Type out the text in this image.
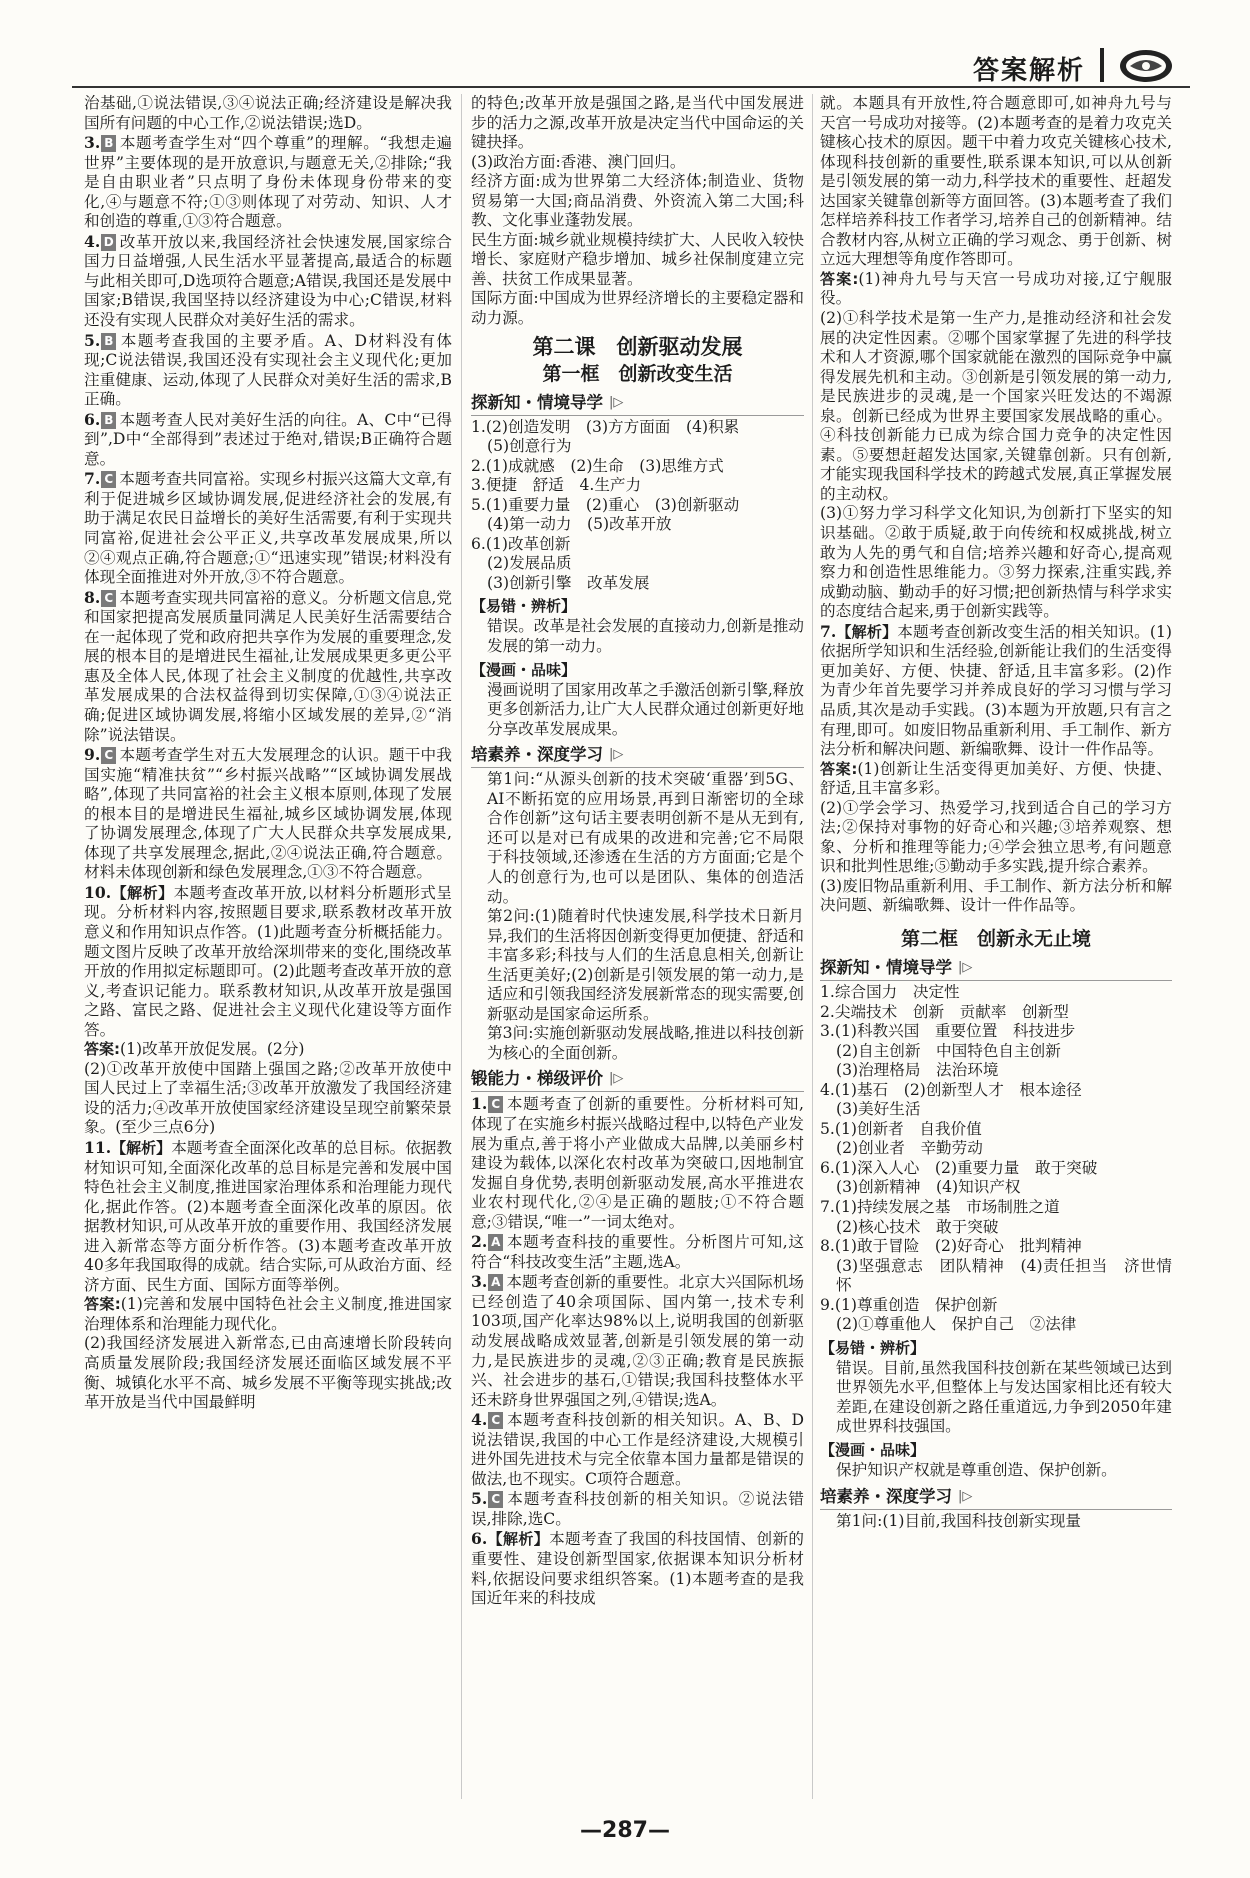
答案解析

治基础,①说法错误,③④说法正确;经济建设是解决我国所有问题的中心工作,②说法错误;选D。

3. B 本题考查学生对“四个尊重”的理解。“我想走遍世界”主要体现的是开放意识,与题意无关,②排除;“我是自由职业者”只点明了身份未体现身份带来的变化,④与题意不符;①③则体现了对劳动、知识、人才和创造的尊重,①③符合题意。

4. D 改革开放以来,我国经济社会快速发展,国家综合国力日益增强,人民生活水平显著提高,最适合的标题与此相关即可,D选项符合题意;A错误,我国还是发展中国家;B错误,我国坚持以经济建设为中心;C错误,材料还没有实现人民群众对美好生活的需求。

5. B 本题考查我国的主要矛盾。A、D材料没有体现;C说法错误,我国还没有实现社会主义现代化;更加注重健康、运动,体现了人民群众对美好生活的需求,B正确。

6. B 本题考查人民对美好生活的向往。A、C中“已得到”,D中“全部得到”表述过于绝对,错误;B正确符合题意。

7. C 本题考查共同富裕。实现乡村振兴这篇大文章,有利于促进城乡区域协调发展,促进经济社会的发展,有助于满足农民日益增长的美好生活需要,有利于实现共同富裕,促进社会公平正义,共享改革发展成果,所以②④观点正确,符合题意;①“迅速实现”错误;材料没有体现全面推进对外开放,③不符合题意。

8. C 本题考查实现共同富裕的意义。分析题文信息,党和国家把提高发展质量同满足人民美好生活需要结合在一起体现了党和政府把共享作为发展的重要理念,发展的根本目的是增进民生福祉,让发展成果更多更公平惠及全体人民,体现了社会主义制度的优越性,共享改革发展成果的合法权益得到切实保障,①③④说法正确;促进区域协调发展,将缩小区域发展的差异,②“消除”说法错误。

9. C 本题考查学生对五大发展理念的认识。题干中我国实施“精准扶贫”“乡村振兴战略”“区域协调发展战略”,体现了共同富裕的社会主义根本原则,体现了发展的根本目的是增进民生福祉,城乡区域协调发展,体现了协调发展理念,体现了广大人民群众共享发展成果,体现了共享发展理念,据此,②④说法正确,符合题意。材料未体现创新和绿色发展理念,①③不符合题意。

10.【解析】本题考查改革开放,以材料分析题形式呈现。分析材料内容,按照题目要求,联系教材改革开放意义和作用知识点作答。(1)此题考查分析概括能力。题文图片反映了改革开放给深圳带来的变化,围绕改革开放的作用拟定标题即可。(2)此题考查改革开放的意义,考查识记能力。联系教材知识,从改革开放是强国之路、富民之路、促进社会主义现代化建设等方面作答。

答案:(1)改革开放促发展。(2分)

(2)①改革开放使中国踏上强国之路;②改革开放使中国人民过上了幸福生活;③改革开放激发了我国经济建设的活力;④改革开放使国家经济建设呈现空前繁荣景象。(至少三点6分)

11.【解析】本题考查全面深化改革的总目标。依据教材知识可知,全面深化改革的总目标是完善和发展中国特色社会主义制度,推进国家治理体系和治理能力现代化,据此作答。(2)本题考查全面深化改革的原因。依据教材知识,可从改革开放的重要作用、我国经济发展进入新常态等方面分析作答。(3)本题考查改革开放40多年我国取得的成就。结合实际,可从政治方面、经济方面、民生方面、国际方面等举例。

答案:(1)完善和发展中国特色社会主义制度,推进国家治理体系和治理能力现代化。

(2)我国经济发展进入新常态,已由高速增长阶段转向高质量发展阶段;我国经济发展还面临区域发展不平衡、城镇化水平不高、城乡发展不平衡等现实挑战;改革开放是当代中国最鲜明

的特色;改革开放是强国之路,是当代中国发展进步的活力之源,改革开放是决定当代中国命运的关键抉择。

(3)政治方面:香港、澳门回归。

经济方面:成为世界第二大经济体;制造业、货物贸易第一大国;商品消费、外资流入第二大国;科教、文化事业蓬勃发展。

民生方面:城乡就业规模持续扩大、人民收入较快增长、家庭财产稳步增加、城乡社保制度建立完善、扶贫工作成果显著。

国际方面:中国成为世界经济增长的主要稳定器和动力源。

第二课　创新驱动发展
第一框　创新改变生活
探新知・情境导学 |▷

1.(2)创造发明　(3)方方面面　(4)积累

(5)创意行为

2.(1)成就感　(2)生命　(3)思维方式

3.便捷　舒适　4.生产力

5.(1)重要力量　(2)重心　(3)创新驱动

(4)第一动力　(5)改革开放

6.(1)改革创新

(2)发展品质

(3)创新引擎　改革发展

【易错・辨析】

错误。改革是社会发展的直接动力,创新是推动发展的第一动力。

【漫画・品味】

漫画说明了国家用改革之手激活创新引擎,释放更多创新活力,让广大人民群众通过创新更好地分享改革发展成果。

培素养・深度学习 |▷

第1问:“从源头创新的技术突破‘重器’到5G、AI不断拓宽的应用场景,再到日渐密切的全球合作创新”这句话主要表明创新不是从无到有,还可以是对已有成果的改进和完善;它不局限于科技领域,还渗透在生活的方方面面;它是个人的创意行为,也可以是团队、集体的创造活动。

第2问:(1)随着时代快速发展,科学技术日新月异,我们的生活将因创新变得更加便捷、舒适和丰富多彩;科技与人们的生活息息相关,创新让生活更美好;(2)创新是引领发展的第一动力,是适应和引领我国经济发展新常态的现实需要,创新驱动是国家命运所系。

第3问:实施创新驱动发展战略,推进以科技创新为核心的全面创新。

锻能力・梯级评价 |▷

1. C 本题考查了创新的重要性。分析材料可知,体现了在实施乡村振兴战略过程中,以特色产业发展为重点,善于将小产业做成大品牌,以美丽乡村建设为载体,以深化农村改革为突破口,因地制宜发掘自身优势,表明创新驱动发展,高水平推进农业农村现代化,②④是正确的题肢;①不符合题意;③错误,“唯一”一词太绝对。

2. A 本题考查科技的重要性。分析图片可知,这符合“科技改变生活”主题,选A。

3. A 本题考查创新的重要性。北京大兴国际机场已经创造了40余项国际、国内第一,技术专利103项,国产化率达98%以上,说明我国的创新驱动发展战略成效显著,创新是引领发展的第一动力,是民族进步的灵魂,②③正确;教育是民族振兴、社会进步的基石,①错误;我国科技整体水平还未跻身世界强国之列,④错误;选A。

4. C 本题考查科技创新的相关知识。A、B、D说法错误,我国的中心工作是经济建设,大规模引进外国先进技术与完全依靠本国力量都是错误的做法,也不现实。C项符合题意。

5. C 本题考查科技创新的相关知识。②说法错误,排除,选C。

6.【解析】本题考查了我国的科技国情、创新的重要性、建设创新型国家,依据课本知识分析材料,依据设问要求组织答案。(1)本题考查的是我国近年来的科技成

就。本题具有开放性,符合题意即可,如神舟九号与天宫一号成功对接等。(2)本题考查的是着力攻克关键核心技术的原因。题干中着力攻克关键核心技术,体现科技创新的重要性,联系课本知识,可以从创新是引领发展的第一动力,科学技术的重要性、赶超发达国家关键靠创新等方面回答。(3)本题考查了我们怎样培养科技工作者学习,培养自己的创新精神。结合教材内容,从树立正确的学习观念、勇于创新、树立远大理想等角度作答即可。

答案:(1)神舟九号与天宫一号成功对接,辽宁舰服役。

(2)①科学技术是第一生产力,是推动经济和社会发展的决定性因素。②哪个国家掌握了先进的科学技术和人才资源,哪个国家就能在激烈的国际竞争中赢得发展先机和主动。③创新是引领发展的第一动力,是民族进步的灵魂,是一个国家兴旺发达的不竭源泉。创新已经成为世界主要国家发展战略的重心。④科技创新能力已成为综合国力竞争的决定性因素。⑤要想赶超发达国家,关键靠创新。只有创新,才能实现我国科学技术的跨越式发展,真正掌握发展的主动权。

(3)①努力学习科学文化知识,为创新打下坚实的知识基础。②敢于质疑,敢于向传统和权威挑战,树立敢为人先的勇气和自信;培养兴趣和好奇心,提高观察力和创造性思维能力。③努力探索,注重实践,养成勤动脑、勤动手的好习惯;把创新热情与科学求实的态度结合起来,勇于创新实践等。

7.【解析】本题考查创新改变生活的相关知识。(1)依据所学知识和生活经验,创新能让我们的生活变得更加美好、方便、快捷、舒适,且丰富多彩。(2)作为青少年首先要学习并养成良好的学习习惯与学习品质,其次是动手实践。(3)本题为开放题,只有言之有理,即可。如废旧物品重新利用、手工制作、新方法分析和解决问题、新编歌舞、设计一件作品等。

答案:(1)创新让生活变得更加美好、方便、快捷、舒适,且丰富多彩。

(2)①学会学习、热爱学习,找到适合自己的学习方法;②保持对事物的好奇心和兴趣;③培养观察、想象、分析和推理等能力;④学会独立思考,有问题意识和批判性思维;⑤勤动手多实践,提升综合素养。

(3)废旧物品重新利用、手工制作、新方法分析和解决问题、新编歌舞、设计一件作品等。

第二框　创新永无止境
探新知・情境导学 |▷

1.综合国力　决定性

2.尖端技术　创新　贡献率　创新型

3.(1)科教兴国　重要位置　科技进步

(2)自主创新　中国特色自主创新

(3)治理格局　法治环境

4.(1)基石　(2)创新型人才　根本途径

(3)美好生活

5.(1)创新者　自我价值

(2)创业者　辛勤劳动

6.(1)深入人心　(2)重要力量　敢于突破

(3)创新精神　(4)知识产权

7.(1)持续发展之基　市场制胜之道

(2)核心技术　敢于突破

8.(1)敢于冒险　(2)好奇心　批判精神

(3)坚强意志　团队精神　(4)责任担当　济世情怀

9.(1)尊重创造　保护创新

(2)①尊重他人　保护自己　②法律

【易错・辨析】

错误。目前,虽然我国科技创新在某些领域已达到世界领先水平,但整体上与发达国家相比还有较大差距,在建设创新之路任重道远,力争到2050年建成世界科技强国。

【漫画・品味】

保护知识产权就是尊重创造、保护创新。

培素养・深度学习 |▷

第1问:(1)目前,我国科技创新实现量

—287—
